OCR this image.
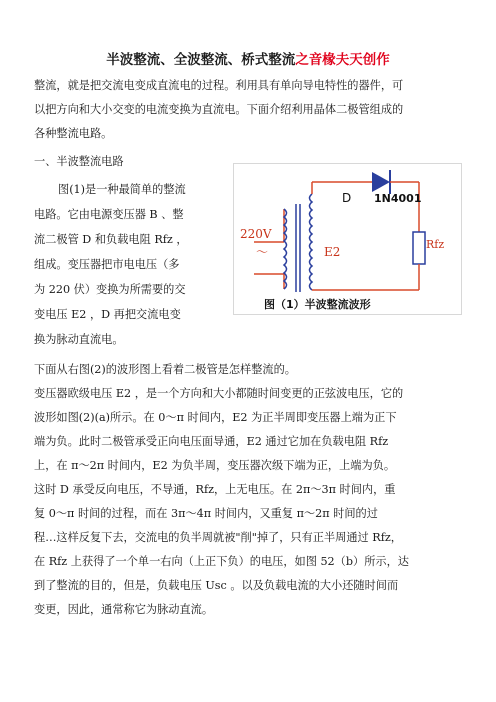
半波整流、全波整流、桥式整流之音椽夫天创作
整流，就是把交流电变成直流电的过程。利用具有单向导电特性的器件，可
以把方向和大小交变的电流变换为直流电。下面介绍利用晶体二极管组成的
各种整流电路。
一、半波整流电路
图(1)是一种最简单的整流
电路。它由电源变压器 B 、整
流二极管 D 和负载电阻 Rfz ，
组成。变压器把市电电压（多
为 220 伏）变换为所需要的交
变电压 E2 ，D 再把交流电变
换为脉动直流电。
D 1N4001
220V
～	E2
Rfz
图（1）半波整流波形
下面从右图(2)的波形图上看着二极管是怎样整流的。
变压器欧级电压 E2 ，是一个方向和大小都随时间变更的正弦波电压，它的
波形如图(2)(a)所示。在 0～π 时间内，E2 为正半周即变压器上端为正下
端为负。此时二极管承受正向电压面导通，E2 通过它加在负载电阻 Rfz
上，在 π～2π 时间内，E2 为负半周，变压器次级下端为正，上端为负。
这时 D 承受反向电压，不导通，Rfz，上无电压。在 2π～3π 时间内，重
复 0～π 时间的过程，而在 3π～4π 时间内，又重复 π～2π 时间的过
程…这样反复下去，交流电的负半周就被"削"掉了，只有正半周通过 Rfz，
在 Rfz 上获得了一个单一右向（上正下负）的电压，如图 52（b）所示，达
到了整流的目的，但是，负载电压 Usc 。以及负载电流的大小还随时间而
变更，因此，通常称它为脉动直流。
